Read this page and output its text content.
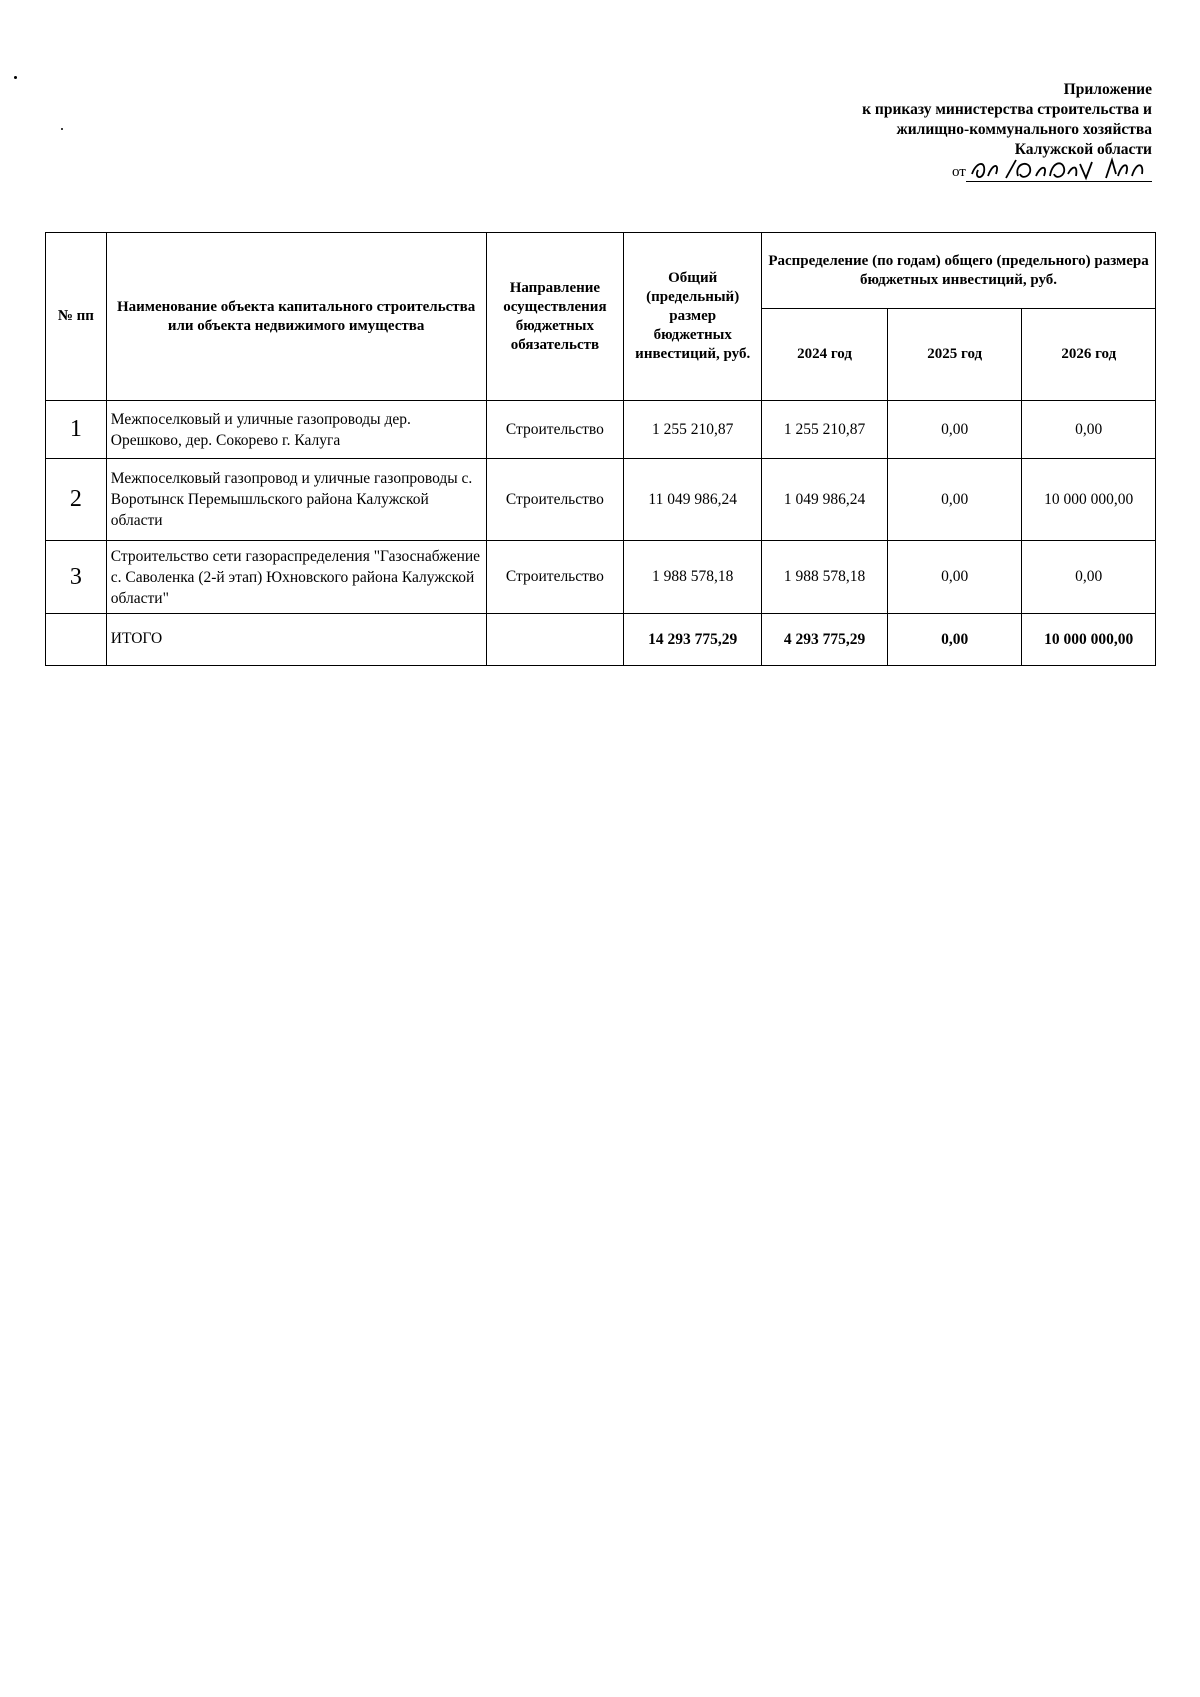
Приложение
к приказу министерства строительства и
жилищно-коммунального хозяйства
Калужской области
от
№ пп	Наименование объекта капитального строительства или объекта недвижимого имущества	Направление осуществления бюджетных обязательств	Общий (предельный) размер бюджетных инвестиций, руб.	Распределение (по годам) общего (предельного) размера бюджетных инвестиций, руб.		
				2024 год	2025 год	2026 год
1	Межпоселковый и уличные газопроводы дер. Орешково, дер. Сокорево г. Калуга	Строительство	1 255 210,87	1 255 210,87	0,00	0,00
2	Межпоселковый газопровод и уличные газопроводы с. Воротынск Перемышльского района Калужской области	Строительство	11 049 986,24	1 049 986,24	0,00	10 000 000,00
3	Строительство сети газораспределения "Газоснабжение с. Саволенка (2-й этап) Юхновского района Калужской области"	Строительство	1 988 578,18	1 988 578,18	0,00	0,00
	ИТОГО		14 293 775,29	4 293 775,29	0,00	10 000 000,00
